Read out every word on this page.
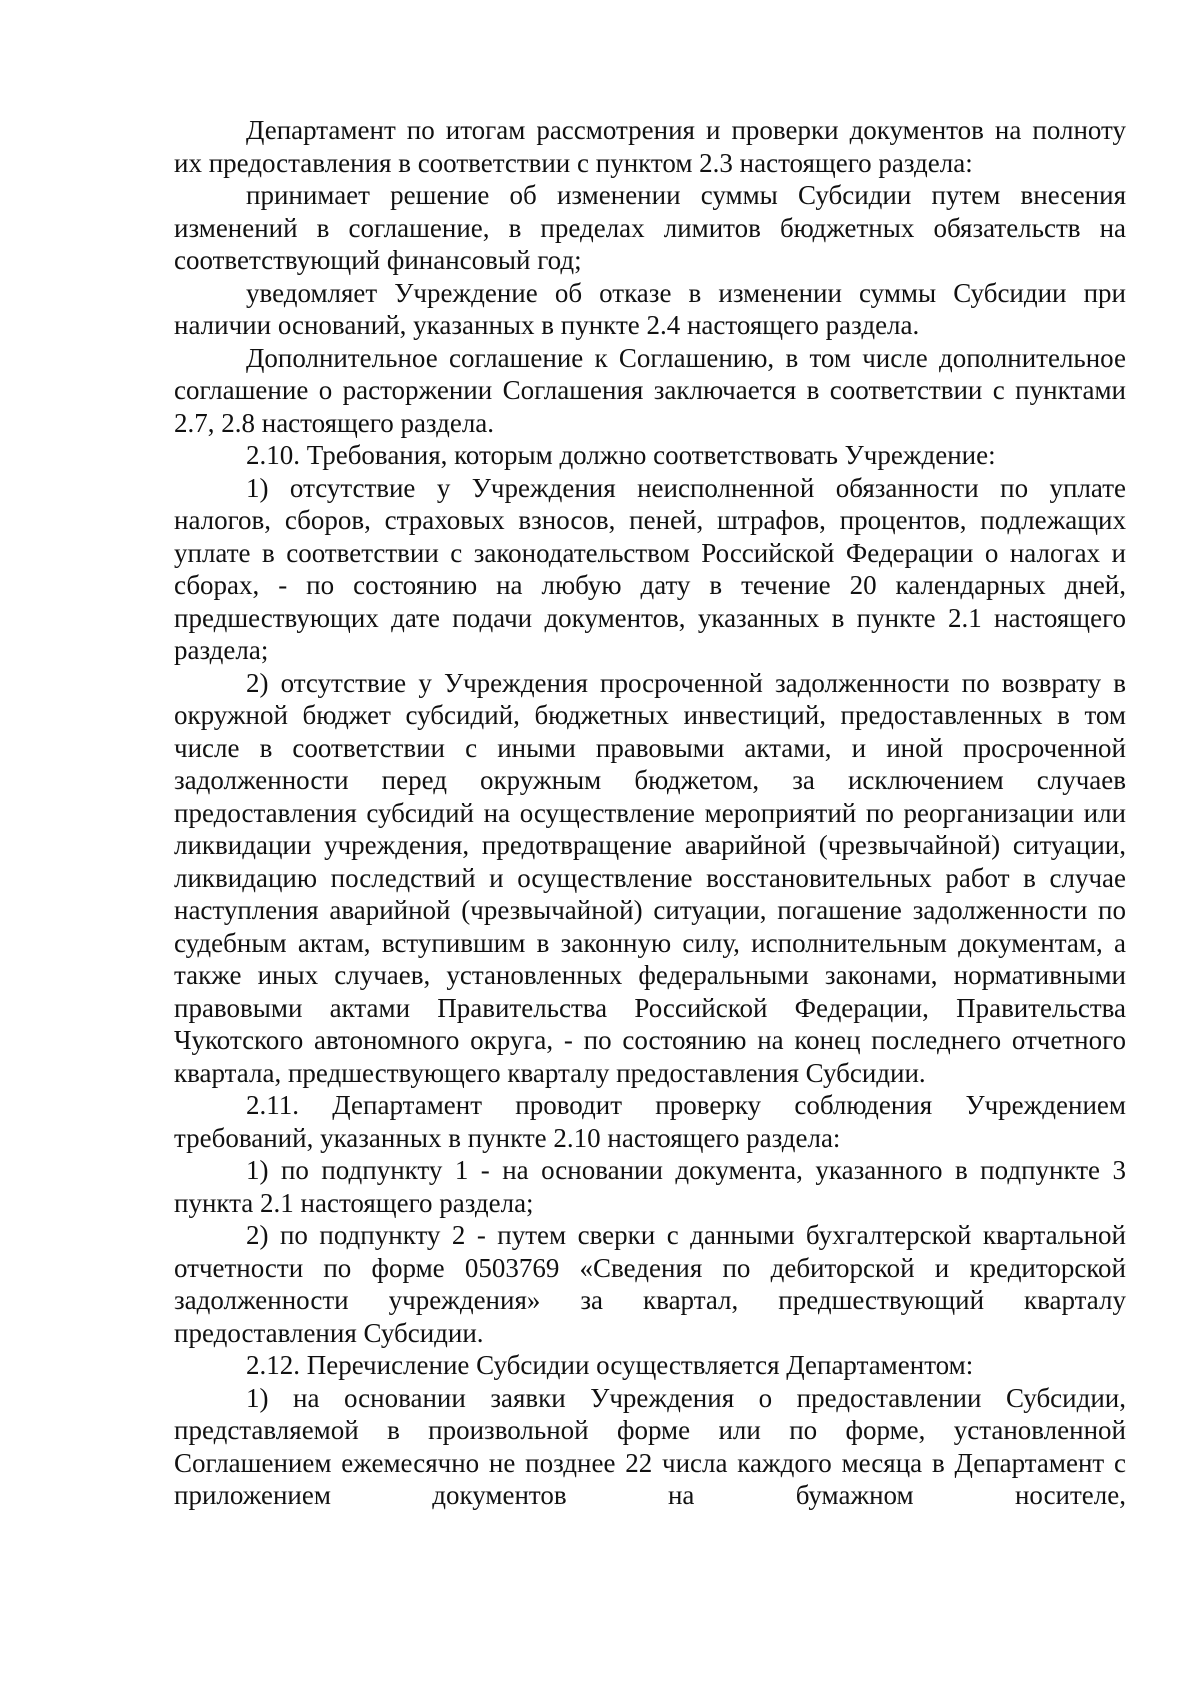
Департамент по итогам рассмотрения и проверки документов на полноту их предоставления в соответствии с пунктом 2.3 настоящего раздела:

принимает решение об изменении суммы Субсидии путем внесения изменений в соглашение, в пределах лимитов бюджетных обязательств на соответствующий финансовый год;

уведомляет Учреждение об отказе в изменении суммы Субсидии при наличии оснований, указанных в пункте 2.4 настоящего раздела.

Дополнительное соглашение к Соглашению, в том числе дополнительное соглашение о расторжении Соглашения заключается в соответствии с пунктами 2.7, 2.8 настоящего раздела.

2.10. Требования, которым должно соответствовать Учреждение:

1) отсутствие у Учреждения неисполненной обязанности по уплате налогов, сборов, страховых взносов, пеней, штрафов, процентов, подлежащих уплате в соответствии с законодательством Российской Федерации о налогах и сборах, - по состоянию на любую дату в течение 20 календарных дней, предшествующих дате подачи документов, указанных в пункте 2.1 настоящего раздела;

2) отсутствие у Учреждения просроченной задолженности по возврату в окружной бюджет субсидий, бюджетных инвестиций, предоставленных в том числе в соответствии с иными правовыми актами, и иной просроченной задолженности перед окружным бюджетом, за исключением случаев предоставления субсидий на осуществление мероприятий по реорганизации или ликвидации учреждения, предотвращение аварийной (чрезвычайной) ситуации, ликвидацию последствий и осуществление восстановительных работ в случае наступления аварийной (чрезвычайной) ситуации, погашение задолженности по судебным актам, вступившим в законную силу, исполнительным документам, а также иных случаев, установленных федеральными законами, нормативными правовыми актами Правительства Российской Федерации, Правительства Чукотского автономного округа, - по состоянию на конец последнего отчетного квартала, предшествующего кварталу предоставления Субсидии.

2.11. Департамент проводит проверку соблюдения Учреждением требований, указанных в пункте 2.10 настоящего раздела:

1) по подпункту 1 - на основании документа, указанного в подпункте 3 пункта 2.1 настоящего раздела;

2) по подпункту 2 - путем сверки с данными бухгалтерской квартальной отчетности по форме 0503769 «Сведения по дебиторской и кредиторской задолженности учреждения» за квартал, предшествующий кварталу предоставления Субсидии.

2.12. Перечисление Субсидии осуществляется Департаментом:

1) на основании заявки Учреждения о предоставлении Субсидии, представляемой в произвольной форме или по форме, установленной Соглашением ежемесячно не позднее 22 числа каждого месяца в Департамент с приложением документов на бумажном носителе,
